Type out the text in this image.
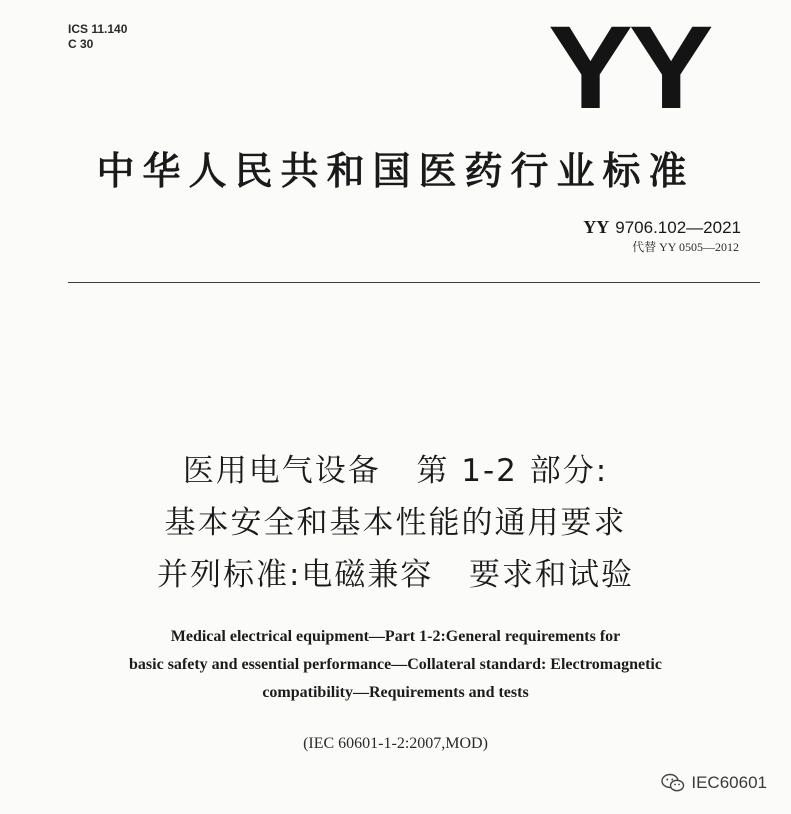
ICS 11.140
C 30	YY
中华人民共和国医药行业标准
YY 9706.102—2021
代替 YY 0505—2012
医用电气设备   第 1-2 部分:
基本安全和基本性能的通用要求
并列标准:电磁兼容   要求和试验
Medical electrical equipment—Part 1-2:General requirements for
basic safety and essential performance—Collateral standard: Electromagnetic
compatibility—Requirements and tests
(IEC 60601-1-2:2007,MOD)
IEC60601
